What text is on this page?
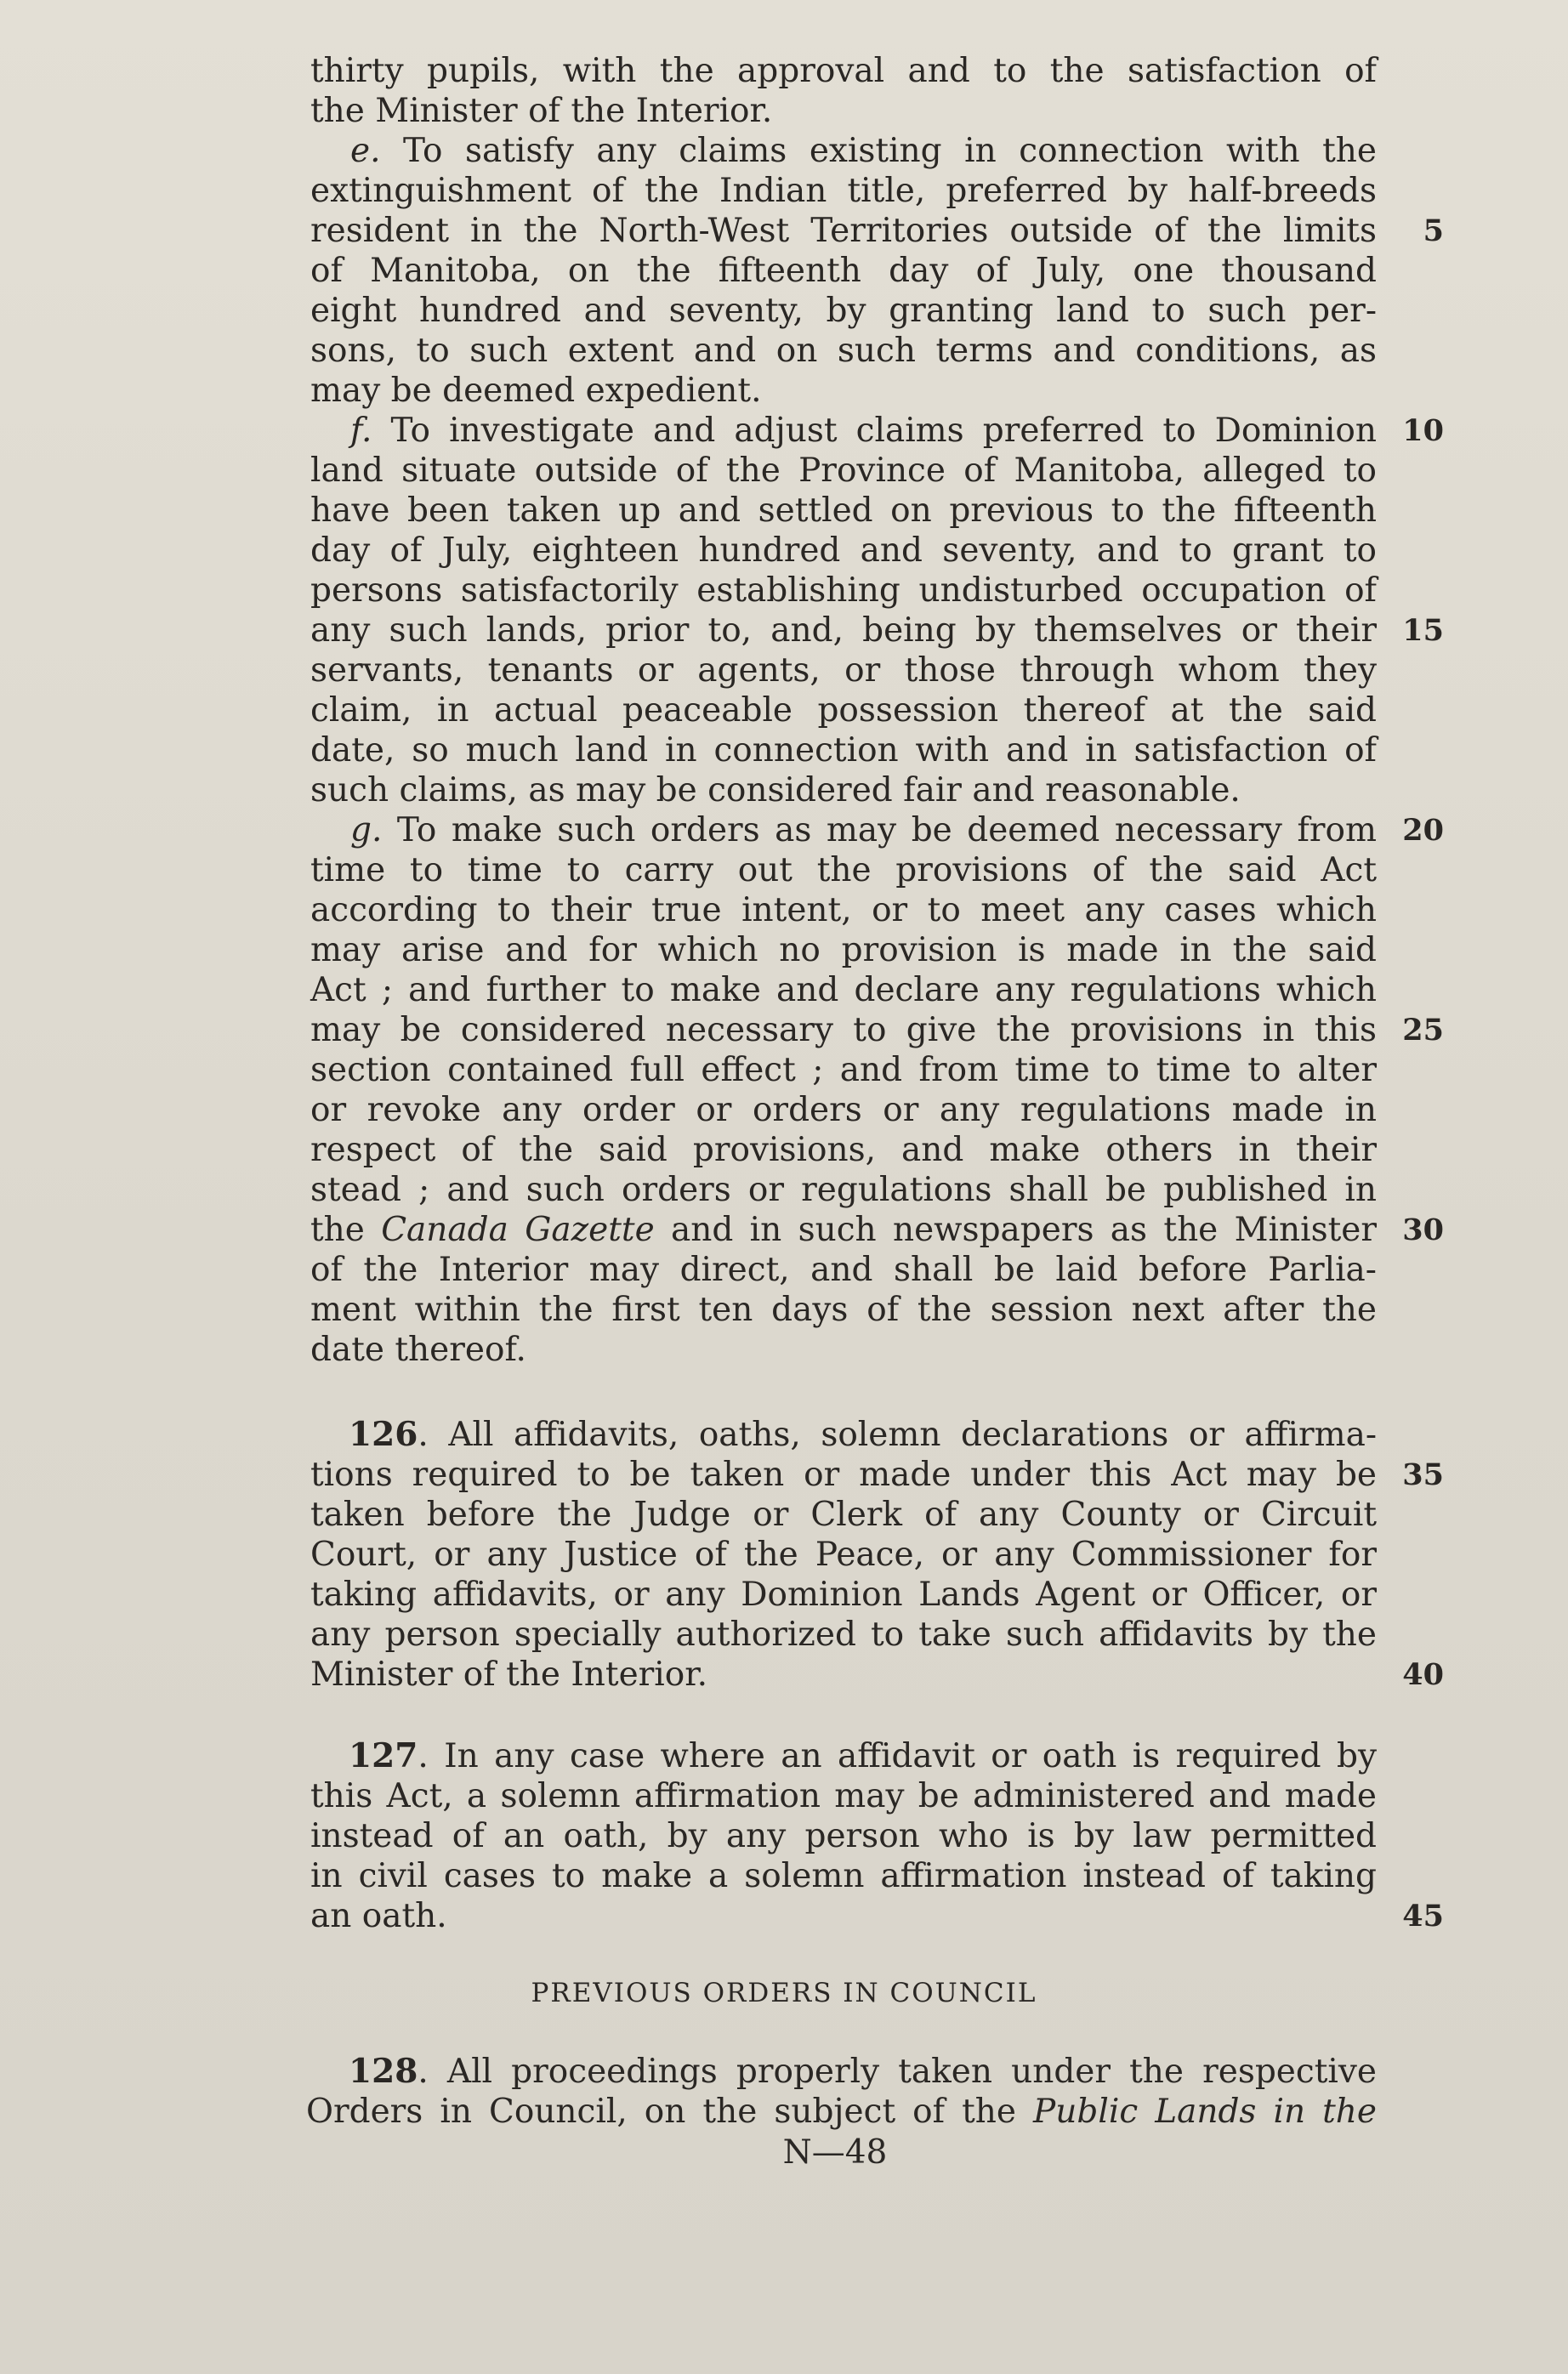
thirty pupils, with the approval and to the satisfaction of
the Minister of the Interior.
e. To satisfy any claims existing in connection with the
extinguishment of the Indian title, preferred by half-breeds
resident in the North-West Territories outside of the limits
of Manitoba, on the fifteenth day of July, one thousand
eight hundred and seventy, by granting land to such per-
sons, to such extent and on such terms and conditions, as
may be deemed expedient.
f. To investigate and adjust claims preferred to Dominion
land situate outside of the Province of Manitoba, alleged to
have been taken up and settled on previous to the fifteenth
day of July, eighteen hundred and seventy, and to grant to
persons satisfactorily establishing undisturbed occupation of
any such lands, prior to, and, being by themselves or their
servants, tenants or agents, or those through whom they
claim, in actual peaceable possession thereof at the said
date, so much land in connection with and in satisfaction of
such claims, as may be considered fair and reasonable.
g. To make such orders as may be deemed necessary from
time to time to carry out the provisions of the said Act
according to their true intent, or to meet any cases which
may arise and for which no provision is made in the said
Act ; and further to make and declare any regulations which
may be considered necessary to give the provisions in this
section contained full effect ; and from time to time to alter
or revoke any order or orders or any regulations made in
respect of the said provisions, and make others in their
stead ; and such orders or regulations shall be published in
the Canada Gazette and in such newspapers as the Minister
of the Interior may direct, and shall be laid before Parlia-
ment within the first ten days of the session next after the
date thereof.
126. All affidavits, oaths, solemn declarations or affirma-
tions required to be taken or made under this Act may be
taken before the Judge or Clerk of any County or Circuit
Court, or any Justice of the Peace, or any Commissioner for
taking affidavits, or any Dominion Lands Agent or Officer, or
any person specially authorized to take such affidavits by the
Minister of the Interior.
127. In any case where an affidavit or oath is required by
this Act, a solemn affirmation may be administered and made
instead of an oath, by any person who is by law permitted
in civil cases to make a solemn affirmation instead of taking
an oath.
PREVIOUS ORDERS IN COUNCIL
128. All proceedings properly taken under the respective
Orders in Council, on the subject of the Public Lands in the
5
10
15
20
25
30
35
40
45
N—48
